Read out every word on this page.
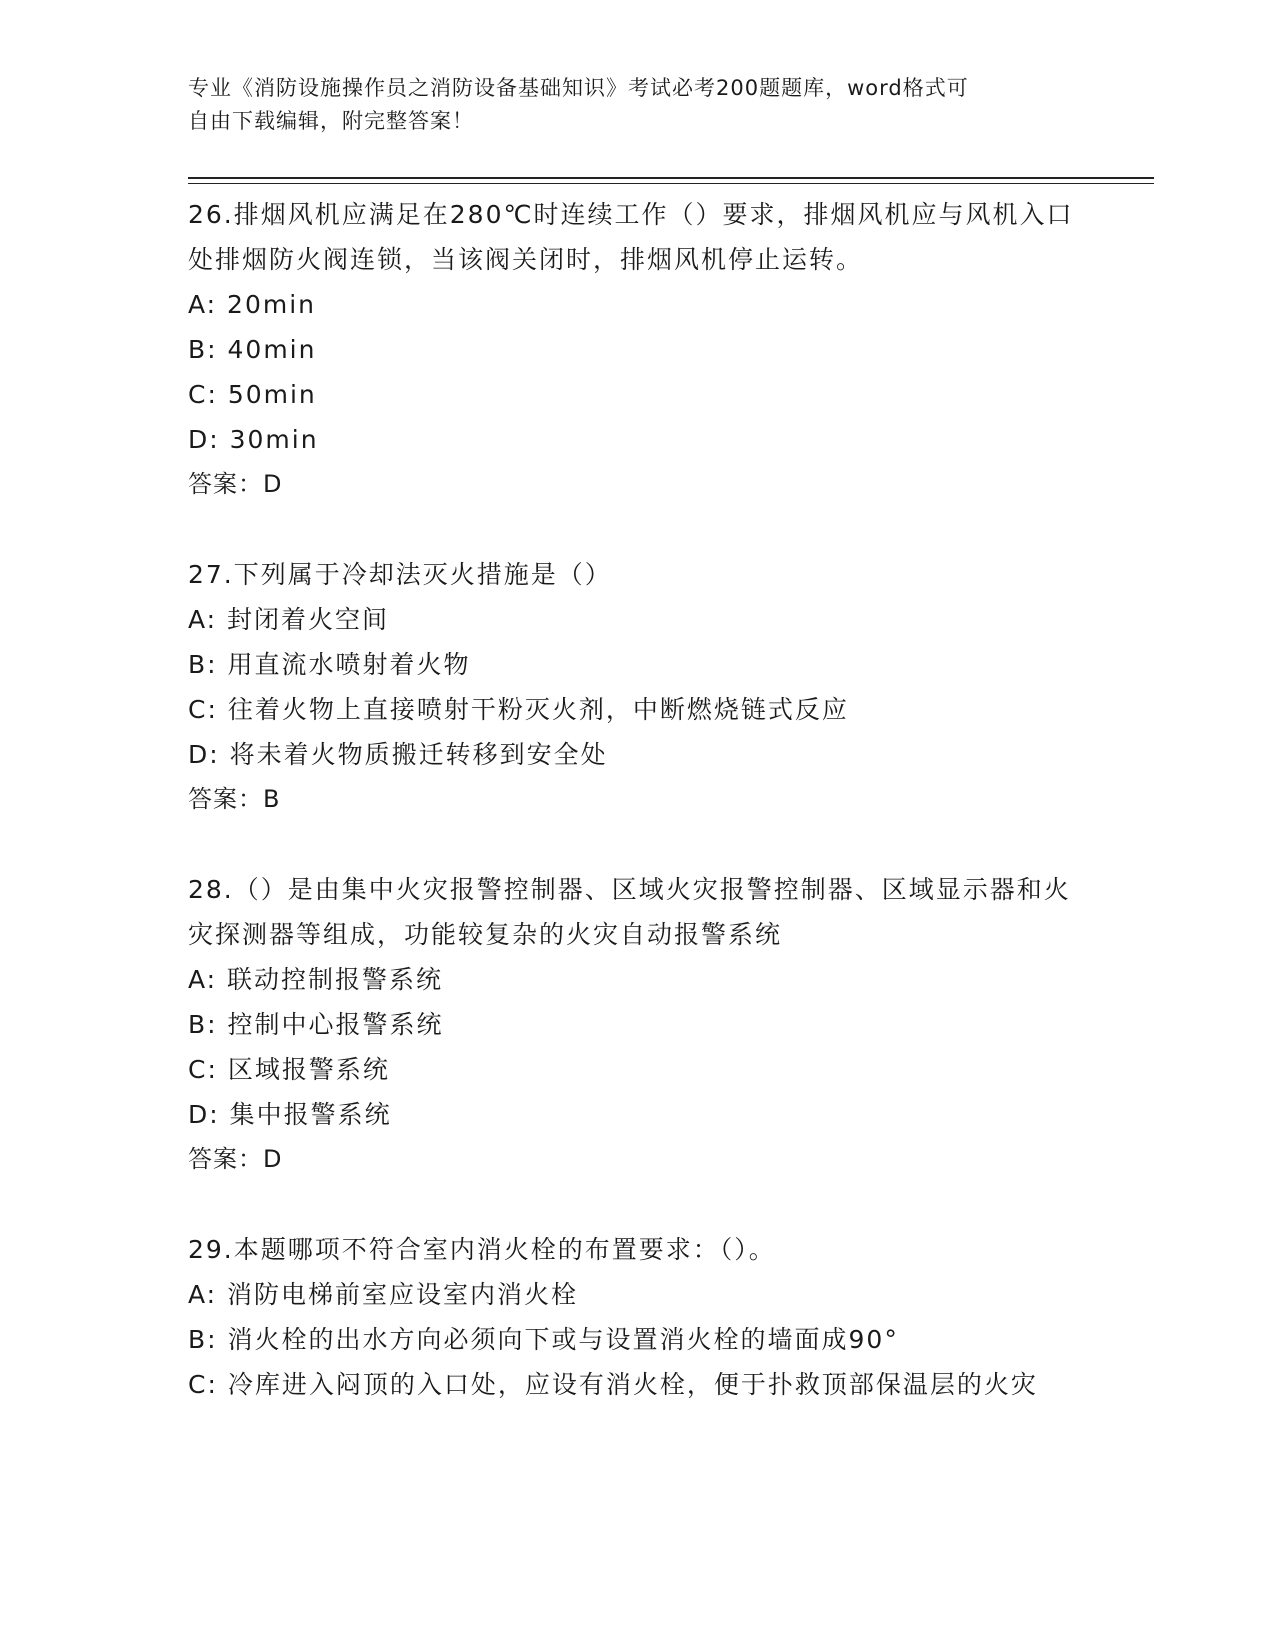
专业《消防设施操作员之消防设备基础知识》考试必考200题题库，word格式可
自由下载编辑，附完整答案！
26.排烟风机应满足在280℃时连续工作（）要求，排烟风机应与风机入口处排烟防火阀连锁，当该阀关闭时，排烟风机停止运转。
A: 20min
B: 40min
C: 50min
D: 30min
答案：D
27.下列属于冷却法灭火措施是（）
A: 封闭着火空间
B: 用直流水喷射着火物
C: 往着火物上直接喷射干粉灭火剂，中断燃烧链式反应
D: 将未着火物质搬迁转移到安全处
答案：B
28.（）是由集中火灾报警控制器、区域火灾报警控制器、区域显示器和火灾探测器等组成，功能较复杂的火灾自动报警系统
A: 联动控制报警系统
B: 控制中心报警系统
C: 区域报警系统
D: 集中报警系统
答案：D
29.本题哪项不符合室内消火栓的布置要求：（）。
A: 消防电梯前室应设室内消火栓
B: 消火栓的出水方向必须向下或与设置消火栓的墙面成90°
C: 冷库进入闷顶的入口处，应设有消火栓，便于扑救顶部保温层的火灾
